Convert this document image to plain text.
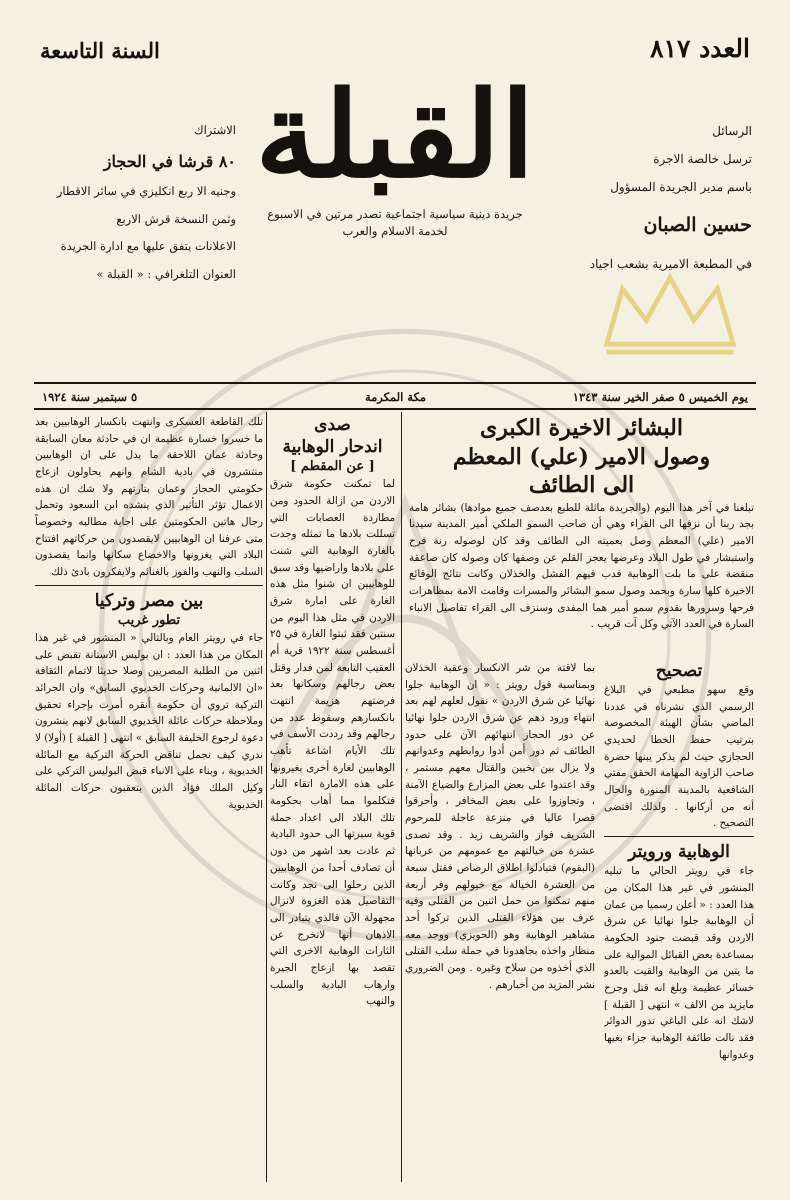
العدد ٨١٧
السنة التاسعة
الرسائل
ترسل خالصة الاجرة
باسم مدير الجريدة المسؤول
حسين الصبان
في المطبعة الاميرية بشعب اجياد
القبلة
جريدة دينية سياسية اجتماعية تصدر مرتين في الاسبوع
لخدمة الاسلام والعرب
الاشتراك
٨٠ قرشا في الحجاز
وجنيه الا ربع انكليزي في سائر الاقطار
وثمن النسخة قرش الاربع
الاعلانات يتفق عليها مع ادارة الجريدة
العنوان التلغرافي : « القبلة »
يوم الخميس ٥ صفر الخير سنة ١٣٤٣
مكة المكرمة
٥ سبتمبر سنة ١٩٢٤
البشائر الاخيرة الكبرى
وصول الامير (علي) المعظم
الى الطائف

تبلغنا في آخر هذا اليوم (والجريدة ماثلة للطبع بعدصف جميع موادها) بشائر هامة بجد ربنا أن نزفها الى القراء وهي أن صاحب السمو الملكي أمير المدينة سيدنا الامير (علي) المعظم وصل بعميته الى الطائف وقد كان لوصوله رنة فرح واستبشار في طول البلاد وعرضها يعجز القلم عن وصفها كان وصوله كان صاعقة منقضة على ما بلت الوهابية فدب فيهم الفشل والخذلان وكانت نتائج الوقائع الاخيرة كلها سارة وبحمد وصول سمو البشائر والمسرات وقامت الامة بمظاهرات فرحها وسرورها بقدوم سمو أمير هما المفدى وسنزف الى القراء تفاصيل الانباء السارة في العدد الآتي وكل آت قريب .

تصحيح

وقع سهو مطبعي في البلاغ الرسمي الذي نشرناه في عددنا الماضي بشأن الهيئة المخصوصة بترتيب حفظ الخطا لحديدي الحجازي حيث لم يذكر يبنها حضرة صاحب الزاوية المهامة الحقق مفتي الشافعية بالمدينة المنورة والحال أنه من أركانها . ولذلك اقتضى التصحيح .

الوهابية ورويتر

جاء في رويتر الحالي ما تبليه المنشور في غير هذا المكان من هذا العدد : « أعلن رسميا من عمان أن الوهابية جلوا نهائيا عن شرق الاردن وقد قبضت جنود الحكومة بمساعدة بعض القبائل الموالية على ما يتين من الوهابية والقيت بالعدو خسائر عظيمة وبلغ انه قتل وجرح مايزيد من الالف » انتهى [ القبلة ] لاشك انه على الباغي تدور الدوائر فقد نالت طائفة الوهابية جزاء بغيها وعدوانها

بما لاقته من شر الانكسار وعقبة الخذلان وبمناسبة قول رويتر : « ان الوهابية جلوا نهائيا عن شرق الاردن » نقول لعلهم لهم بعد انتهاء ورود دهم عن شرق الاردن جلوا نهائيا عن دور الحجاز انتهائهم الآن على حدود الطائف ثم دور أمن أدوا روابطهم وعدوانهم ولا يزال بين بخيين والقتال معهم مستمر ، وقد اعتدوا على بعض المزارع والضياع الآمنة ، وتجاوزوا على بعض المخافر ، وأحرقوا قصرا عاليا في منزعة عاجلة للمرحوم الشريف فواز والشريف زيد . وقد تصدى عشرة من خيالتهم مع عمومهم من عربانها (البقوم) فتبادلوا اطلاق الرصاص فقتل سبعة من العشرة الخيالة مع خيولهم وفر أربعة منهم تمكنوا من حمل اثنين من القتلى وفيه عرف بين هؤلاء القتلى الذين تركوا أحد مشاهير الوهابية وهو (الحويزي) ووجد معه منظار واخذه بجاهدونا في جملة سلب القتلى الذي أخذوه من سلاح وغيره . ومن الضروري نشر المزيد من أخبارهم .

صدى
اندحار الوهابية
[ عن المقطم ]

لما تمكنت حكومة شرق الاردن من ازالة الحدود ومن مطاردة العصابات التي تسللت بلادها ما تمثله وجدت بالغارة الوهابية التي شنت على بلادها واراضيها وقد سبق للوهابيين ان شنوا مثل هذه الغارة على امارة شرق الاردن في مثل هذا اليوم من سنتين فقد ثبتوا الغارة في ٢٥ أغسطس سنة ١٩٢٢ قرية أم العقيب التابعة لمن فدار وقتل بعض رجالهم وسكانها بعد فرصتهم هزيمة انتهت بانكسارهم وسقوط عدد من رجالهم وقد رددت الأسف في تلك الأيام اشاعة تأهب الوهابيين لغارة أخرى يغيرونها على هذه الامارة اتقاء النار فتكلموا مما أهاب بحكومة تلك البلاد الى اعداد حملة قوية سيرتها الى حدود البادية ثم عادت بعد اشهر من دون أن تصادف أحدا من الوهابيين الذين رحلوا الى نجد وكانت التفاصيل هذه الغزوة لانزال مجهولة الآن فالذي يتبادر الى الاذهان أنها لاتخرج عن الثارات الوهابية الاخرى التي تقصد بها ازعاج الجيرة وارهاب البادية والسلب والنهب

تلك القاطعة العسكرى وانتهت بانكسار الوهابيين بعد ما خسروا خسارة عظيمة ان في حادثة معان السابقة وحادثة عمان اللاحقة ما يدل على ان الوهابيين منتشرون في بادية الشام وانهم يحاولون ازعاج حكومتي الحجاز وعمان بتارتهم ولا شك ان هذه الاعمال تؤثر التأثير الذي ينشده ابن السعود وتحمل رجال هاتين الحكومتين على اجابة مطالبه وخصوصاً متى عرفنا ان الوهابيين لايقصدون من حركاتهم افتتاح البلاد التي يغزونها والاخضاع سكانها وانما يقصدون السلب والنهب والفوز بالغنائم ولايفكرون بادئ ذلك

بين مصر وتركيا
تطور غريب

جاء في رويتر العام وبالتالي « المنشور في غير هذا المكان من هذا العدد : ان بوليس الاستانة تقبض على اثنين من الطلبة المصريين وصلا حديثا لاتمام الثقافة «ان الالمانية وحركات الخديوي السابق» وان الجرائد التركية تروي أن حكومة أنقره أمرت بإجراء تحقيق وملاحظة حركات عائلة الخديوي السابق لانهم ينشرون دعوة لرجوع الخليفة السابق » انتهى [ القبلة ] (أولا) لا ندري كيف نجمل تناقض الحركة التركية مع المائلة الخديوية ، وبناء على الانباء قبض البوليس التركي على وكيل الملك فؤاد الذين يتعقبون حركات المائلة الخديوية
